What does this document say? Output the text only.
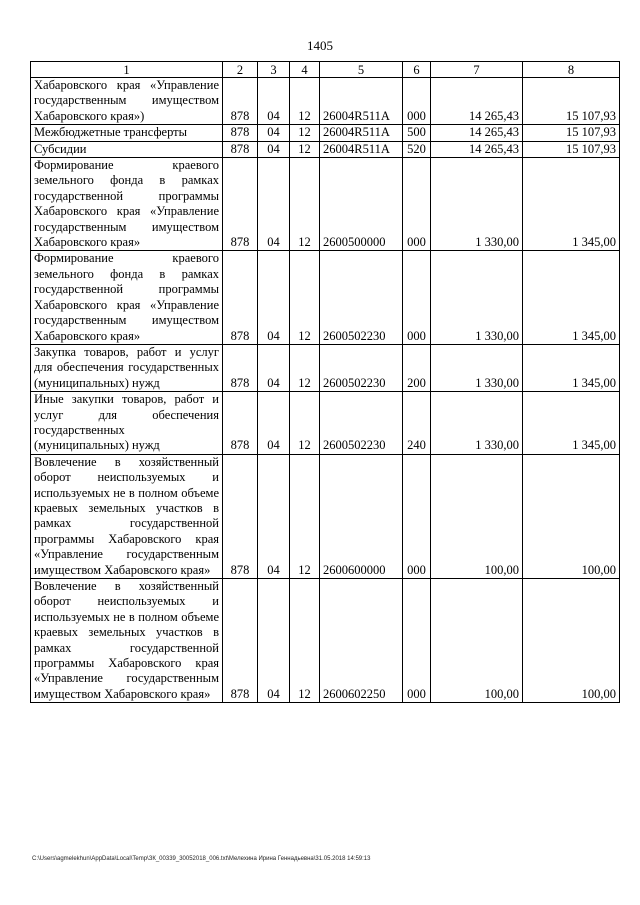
1405
1	2	3	4	5	6	7	8
Хабаровского края «Управление государственным имуществом Хабаровского края»)	878	04	12	26004R511A	000	14 265,43	15 107,93
Межбюджетные трансферты	878	04	12	26004R511A	500	14 265,43	15 107,93
Субсидии	878	04	12	26004R511A	520	14 265,43	15 107,93
Формирование краевого земельного фонда в рамках государственной программы Хабаровского края «Управление государственным имуществом Хабаровского края»	878	04	12	2600500000	000	1 330,00	1 345,00
Формирование краевого земельного фонда в рамках государственной программы Хабаровского края «Управление государственным имуществом Хабаровского края»	878	04	12	2600502230	000	1 330,00	1 345,00
Закупка товаров, работ и услуг для обеспечения государственных (муниципальных) нужд	878	04	12	2600502230	200	1 330,00	1 345,00
Иные закупки товаров, работ и услуг для обеспечения государственных (муниципальных) нужд	878	04	12	2600502230	240	1 330,00	1 345,00
Вовлечение в хозяйственный оборот неиспользуемых и используемых не в полном объеме краевых земельных участков в рамках государственной программы Хабаровского края «Управление государственным имуществом Хабаровского края»	878	04	12	2600600000	000	100,00	100,00
Вовлечение в хозяйственный оборот неиспользуемых и используемых не в полном объеме краевых земельных участков в рамках государственной программы Хабаровского края «Управление государственным имуществом Хабаровского края»	878	04	12	2600602250	000	100,00	100,00
C:\Users\agmelekhun\AppData\Local\Temp\ЗК_00339_30052018_006.txt\Мелехина Ирина Геннадьевна\31.05.2018 14:59:13
